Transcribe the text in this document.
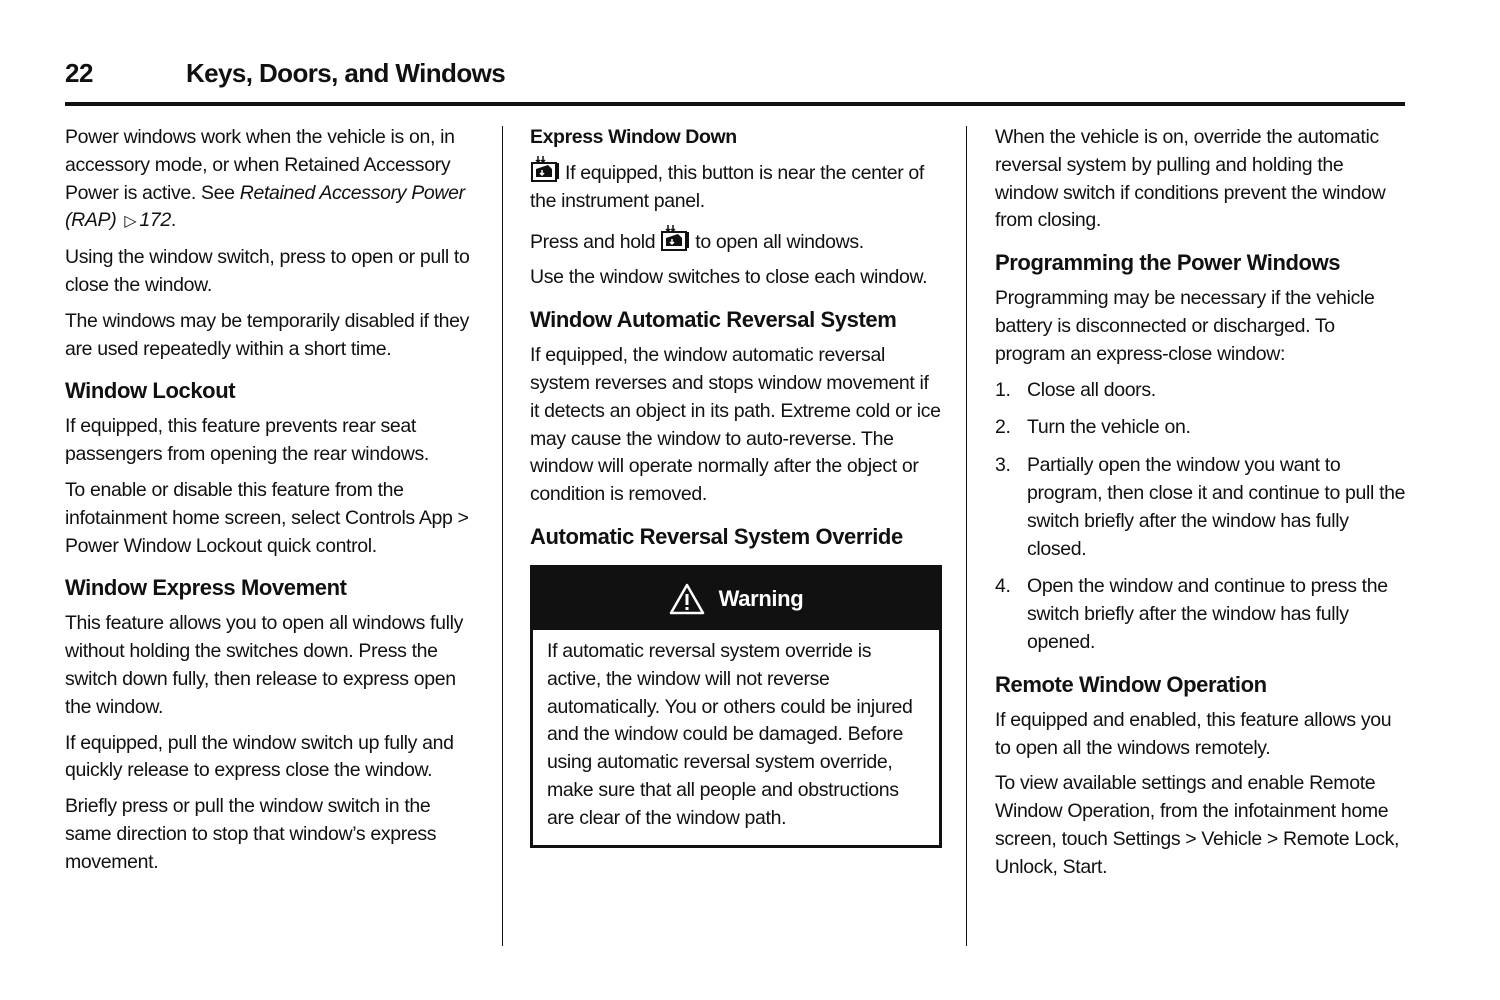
22	Keys, Doors, and Windows

Power windows work when the vehicle is on, in accessory mode, or when Retained Accessory Power is active. See Retained Accessory Power (RAP) ▷ 172.

Using the window switch, press to open or pull to close the window.

The windows may be temporarily disabled if they are used repeatedly within a short time.

Window Lockout

If equipped, this feature prevents rear seat passengers from opening the rear windows.

To enable or disable this feature from the infotainment home screen, select Controls App > Power Window Lockout quick control.

Window Express Movement

This feature allows you to open all windows fully without holding the switches down. Press the switch down fully, then release to express open the window.

If equipped, pull the window switch up fully and quickly release to express close the window.

Briefly press or pull the window switch in the same direction to stop that window’s express movement.

Express Window Down

If equipped, this button is near the center of the instrument panel.

Press and hold to open all windows.

Use the window switches to close each window.

Window Automatic Reversal System

If equipped, the window automatic reversal system reverses and stops window movement if it detects an object in its path. Extreme cold or ice may cause the window to auto-reverse. The window will operate normally after the object or condition is removed.

Automatic Reversal System Override
Warning
If automatic reversal system override is active, the window will not reverse automatically. You or others could be injured and the window could be damaged. Before using automatic reversal system override, make sure that all people and obstructions are clear of the window path.

When the vehicle is on, override the automatic reversal system by pulling and holding the window switch if conditions prevent the window from closing.

Programming the Power Windows

Programming may be necessary if the vehicle battery is disconnected or discharged. To program an express-close window:

1. Close all doors.
2. Turn the vehicle on.
3. Partially open the window you want to program, then close it and continue to pull the switch briefly after the window has fully closed.
4. Open the window and continue to press the switch briefly after the window has fully opened.
Remote Window Operation

If equipped and enabled, this feature allows you to open all the windows remotely.

To view available settings and enable Remote Window Operation, from the infotainment home screen, touch Settings > Vehicle > Remote Lock, Unlock, Start.
